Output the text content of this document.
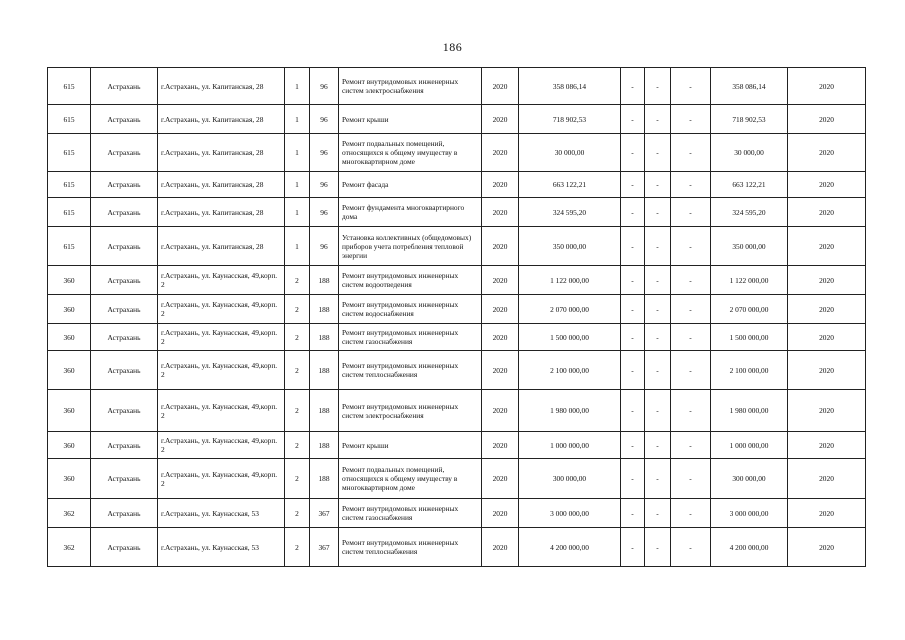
186
615	Астрахань	г.Астрахань, ул. Капитанская, 28	1	96	Ремонт внутридомовых инженерных систем электроснабжения	2020	358 086,14	-	-	-	358 086,14	2020
615	Астрахань	г.Астрахань, ул. Капитанская, 28	1	96	Ремонт крыши	2020	718 902,53	-	-	-	718 902,53	2020
615	Астрахань	г.Астрахань, ул. Капитанская, 28	1	96	Ремонт подвальных помещений, относящихся к общему имуществу в многоквартирном доме	2020	30 000,00	-	-	-	30 000,00	2020
615	Астрахань	г.Астрахань, ул. Капитанская, 28	1	96	Ремонт фасада	2020	663 122,21	-	-	-	663 122,21	2020
615	Астрахань	г.Астрахань, ул. Капитанская, 28	1	96	Ремонт фундамента многоквартирного дома	2020	324 595,20	-	-	-	324 595,20	2020
615	Астрахань	г.Астрахань, ул. Капитанская, 28	1	96	Установка коллективных (общедомовых) приборов учета потребления тепловой энергии	2020	350 000,00	-	-	-	350 000,00	2020
360	Астрахань	г.Астрахань, ул. Каунасская, 49,корп. 2	2	188	Ремонт внутридомовых инженерных систем водоотведения	2020	1 122 000,00	-	-	-	1 122 000,00	2020
360	Астрахань	г.Астрахань, ул. Каунасская, 49,корп. 2	2	188	Ремонт внутридомовых инженерных систем водоснабжения	2020	2 070 000,00	-	-	-	2 070 000,00	2020
360	Астрахань	г.Астрахань, ул. Каунасская, 49,корп. 2	2	188	Ремонт внутридомовых инженерных систем газоснабжения	2020	1 500 000,00	-	-	-	1 500 000,00	2020
360	Астрахань	г.Астрахань, ул. Каунасская, 49,корп. 2	2	188	Ремонт внутридомовых инженерных систем теплоснабжения	2020	2 100 000,00	-	-	-	2 100 000,00	2020
360	Астрахань	г.Астрахань, ул. Каунасская, 49,корп. 2	2	188	Ремонт внутридомовых инженерных систем электроснабжения	2020	1 980 000,00	-	-	-	1 980 000,00	2020
360	Астрахань	г.Астрахань, ул. Каунасская, 49,корп. 2	2	188	Ремонт крыши	2020	1 000 000,00	-	-	-	1 000 000,00	2020
360	Астрахань	г.Астрахань, ул. Каунасская, 49,корп. 2	2	188	Ремонт подвальных помещений, относящихся к общему имуществу в многоквартирном доме	2020	300 000,00	-	-	-	300 000,00	2020
362	Астрахань	г.Астрахань, ул. Каунасская, 53	2	367	Ремонт внутридомовых инженерных систем газоснабжения	2020	3 000 000,00	-	-	-	3 000 000,00	2020
362	Астрахань	г.Астрахань, ул. Каунасская, 53	2	367	Ремонт внутридомовых инженерных систем теплоснабжения	2020	4 200 000,00	-	-	-	4 200 000,00	2020
